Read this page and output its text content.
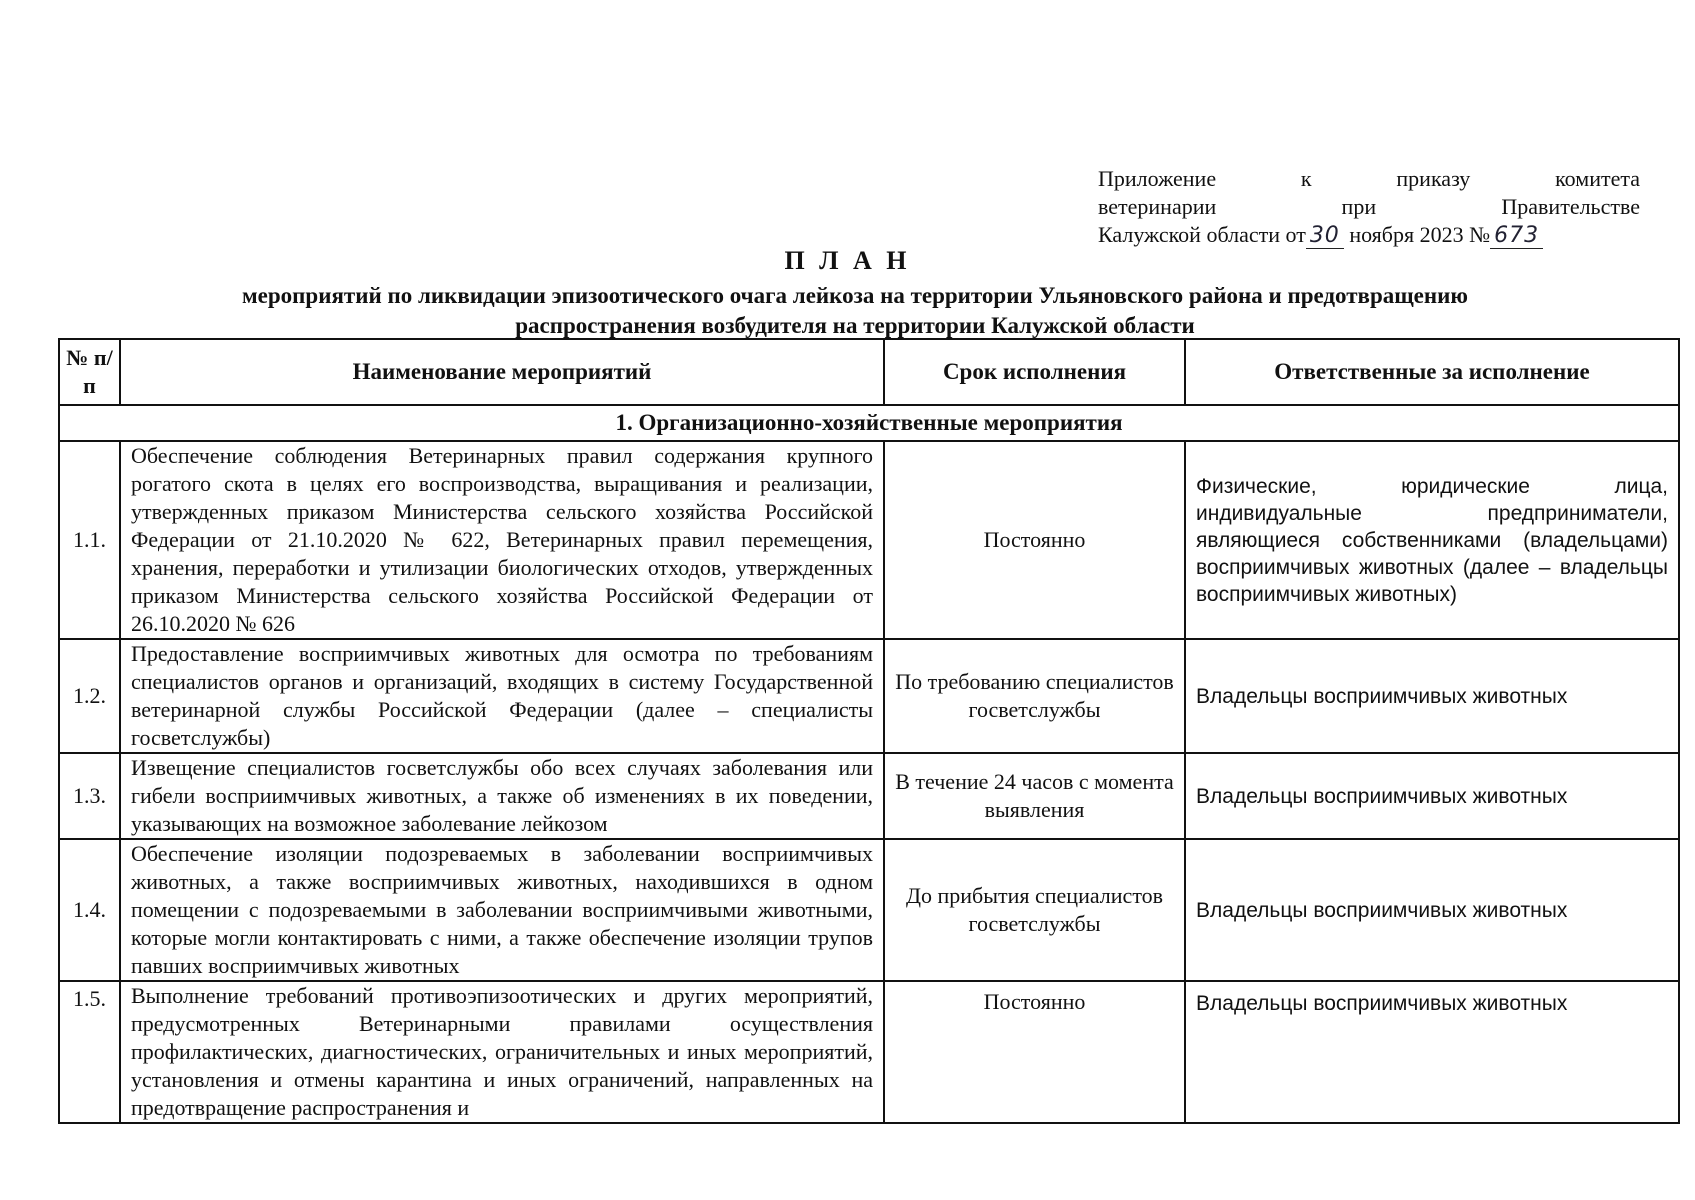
Приложение к приказу комитета
ветеринарии при Правительстве
Калужской области от 30 ноября 2023 № 673
П Л А Н
мероприятий по ликвидации эпизоотического очага лейкоза на территории Ульяновского района и предотвращению
распространения возбудителя на территории Калужской области
№ п/п	Наименование мероприятий	Срок исполнения	Ответственные за исполнение
1. Организационно-хозяйственные мероприятия			
1.1.	Обеспечение соблюдения Ветеринарных правил содержания крупного рогатого скота в целях его воспроизводства, выращивания и реализации, утвержденных приказом Министерства сельского хозяйства Российской Федерации от 21.10.2020 № 622, Ветеринарных правил перемещения, хранения, переработки и утилизации биологических отходов, утвержденных приказом Министерства сельского хозяйства Российской Федерации от 26.10.2020 № 626	Постоянно	Физические, юридические лица, индивидуальные предприниматели, являющиеся собственниками (владельцами) восприимчивых животных (далее – владельцы восприимчивых животных)
1.2.	Предоставление восприимчивых животных для осмотра по требованиям специалистов органов и организаций, входящих в систему Государственной ветеринарной службы Российской Федерации (далее – специалисты госветслужбы)	По требованию специалистов госветслужбы	Владельцы восприимчивых животных
1.3.	Извещение специалистов госветслужбы обо всех случаях заболевания или гибели восприимчивых животных, а также об изменениях в их поведении, указывающих на возможное заболевание лейкозом	В течение 24 часов с момента выявления	Владельцы восприимчивых животных
1.4.	Обеспечение изоляции подозреваемых в заболевании восприимчивых животных, а также восприимчивых животных, находившихся в одном помещении с подозреваемыми в заболевании восприимчивыми животными, которые могли контактировать с ними, а также обеспечение изоляции трупов павших восприимчивых животных	До прибытия специалистов госветслужбы	Владельцы восприимчивых животных
1.5.	Выполнение требований противоэпизоотических и других мероприятий, предусмотренных Ветеринарными правилами осуществления профилактических, диагностических, ограничительных и иных мероприятий, установления и отмены карантина и иных ограничений, направленных на предотвращение распространения и	Постоянно	Владельцы восприимчивых животных
